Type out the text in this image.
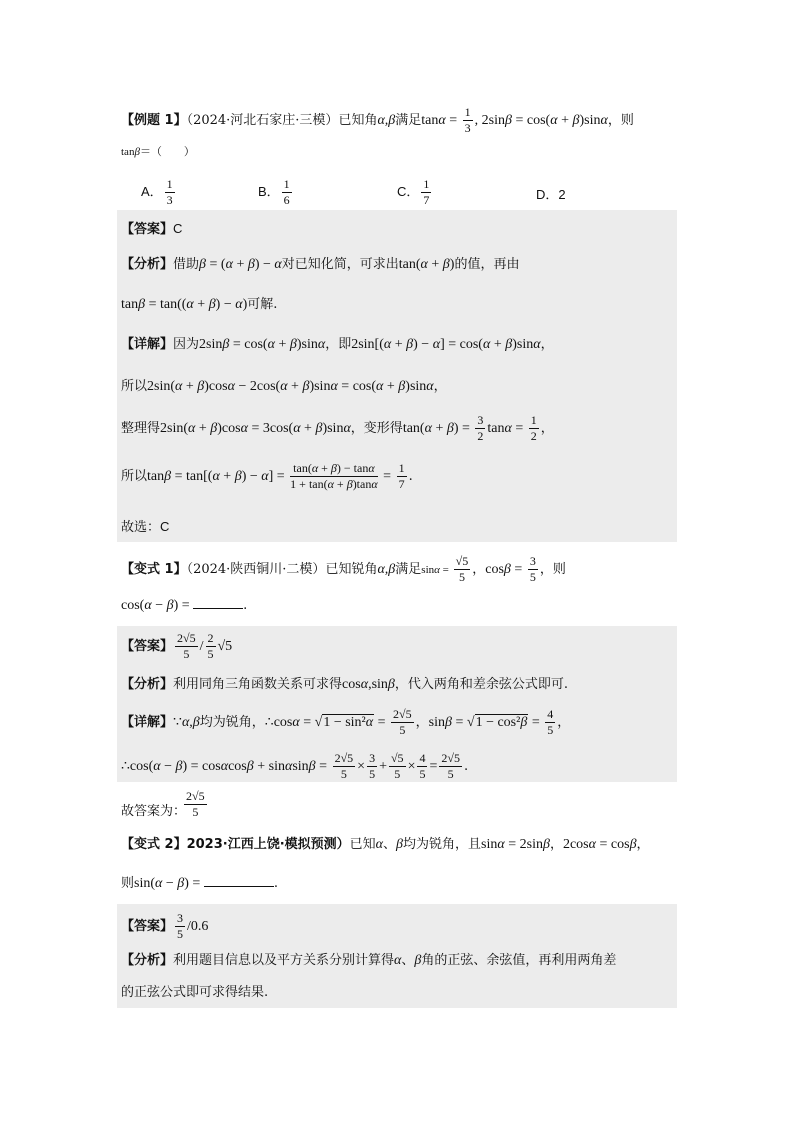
【例题 1】（2024·河北石家庄·三模）已知角α,β满足$\tan\alpha = \frac{1}{3}$ , 2sinβ = cos(α + β)sinα，则
tanβ＝（　　）
A． $\frac{1}{3}$	B． $\frac{1}{6}$	C． $\frac{1}{7}$	D．2
【答案】C
【分析】借助β = (α + β) − α对已知化简，可求出tan(α + β)的值，再由
tanβ = tan((α + β) − α)可解.
【详解】因为2sinβ = cos(α + β)sinα，即2sin[(α + β) − α] = cos(α + β)sinα，
所以2sin(α + β)cosα − 2cos(α + β)sinα = cos(α + β)sinα，
整理得2sin(α + β)cosα = 3cos(α + β)sinα，变形得$\tan(\alpha + \beta) = \frac{3}{2}$ $\tan\alpha = \frac{1}{2}$ ，
所以$\tan\beta = \tan[(\alpha + \beta) - \alpha] = \frac{\tan(\alpha + \beta) - \tan\alpha}{1 + \tan(\alpha + \beta)\tan\alpha} = \frac{1}{7}$ .
故选：C
【变式 1】（2024·陕西铜川·二模）已知锐角α,β满足$\sin\alpha = \frac{√5}{5}$ ，$\cos\beta = \frac{3}{5}$ ，则
cos(α − β) =	.
【答案】 $\frac{2√5}{5} / \frac{2}{5} √5$
【分析】利用同角三角函数关系可求得cosα,sinβ，代入两角和差余弦公式即可.
【详解】∵α,β均为锐角，∴cosα = $√1 - \sin^2\alpha = \frac{2√5}{5}$ ，$\sin\beta = √1 - \cos^2\beta = \frac{4}{5}$ ，
∴cos(α − $\beta) = \cos\alpha\cos\beta + \sin\alpha\sin\beta = \frac{2√5}{5} \times \frac{3}{5} + \frac{√5}{5} \times \frac{4}{5} = \frac{2√5}{5}$ .
故答案为：
$\frac{2√5}{5}$
【变式 2】2023·江西上饶·模拟预测）已知α、β均为锐角，且sinα = 2sinβ，2cosα = cosβ，
则sin(α − β) =	.
【答案】 $\frac{3}{5} /0.6$
【分析】利用题目信息以及平方关系分别计算得α、β角的正弦、余弦值，再利用两角差
的正弦公式即可求得结果.
